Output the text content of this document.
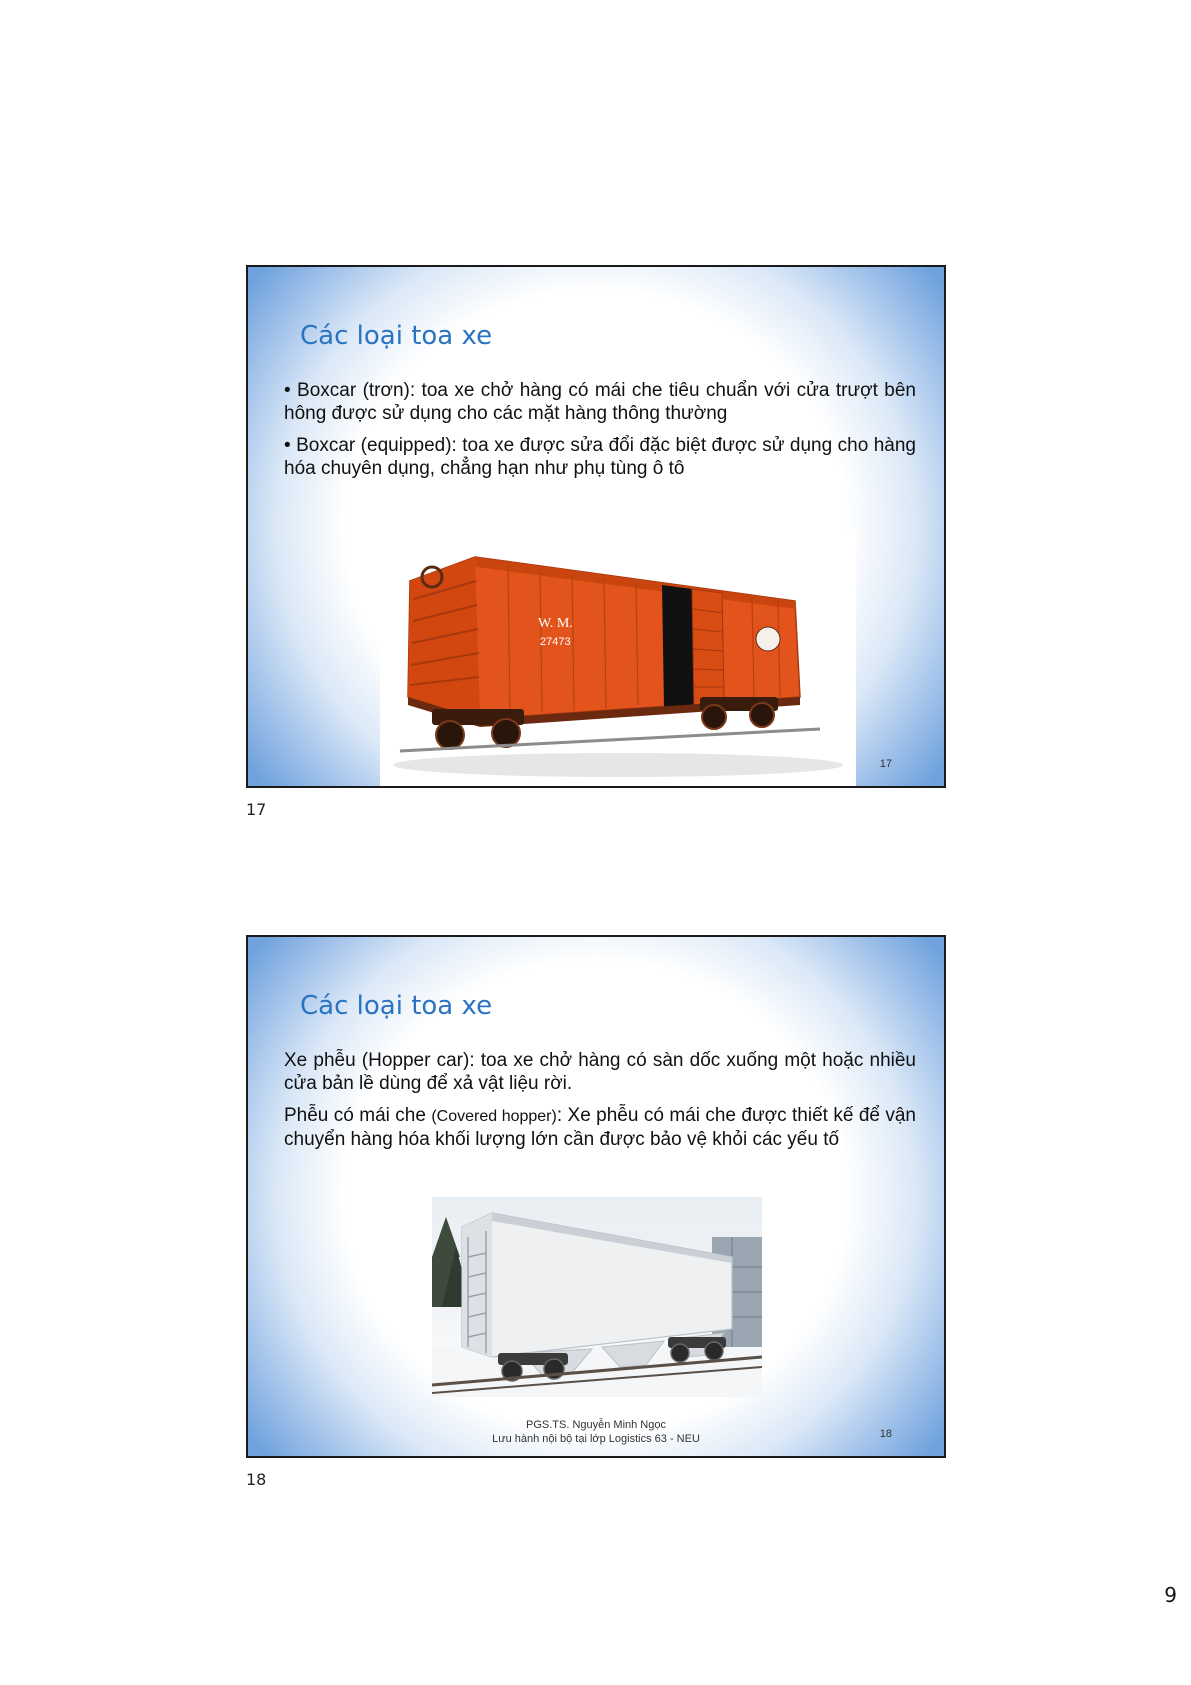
Các loại toa xe

• Boxcar (trơn): toa xe chở hàng có mái che tiêu chuẩn với cửa trượt bên hông được sử dụng cho các mặt hàng thông thường

• Boxcar (equipped): toa xe được sửa đổi đặc biệt được sử dụng cho hàng hóa chuyên dụng, chẳng hạn như phụ tùng ô tô

W. M.
27473
17
17
Các loại toa xe

Xe phễu (Hopper car): toa xe chở hàng có sàn dốc xuống một hoặc nhiều cửa bản lề dùng để xả vật liệu rời.

Phễu có mái che (Covered hopper): Xe phễu có mái che được thiết kế để vận chuyển hàng hóa khối lượng lớn cần được bảo vệ khỏi các yếu tố

PGS.TS. Nguyễn Minh Ngọc
Lưu hành nội bộ tại lớp Logistics 63 - NEU	18
18
9
